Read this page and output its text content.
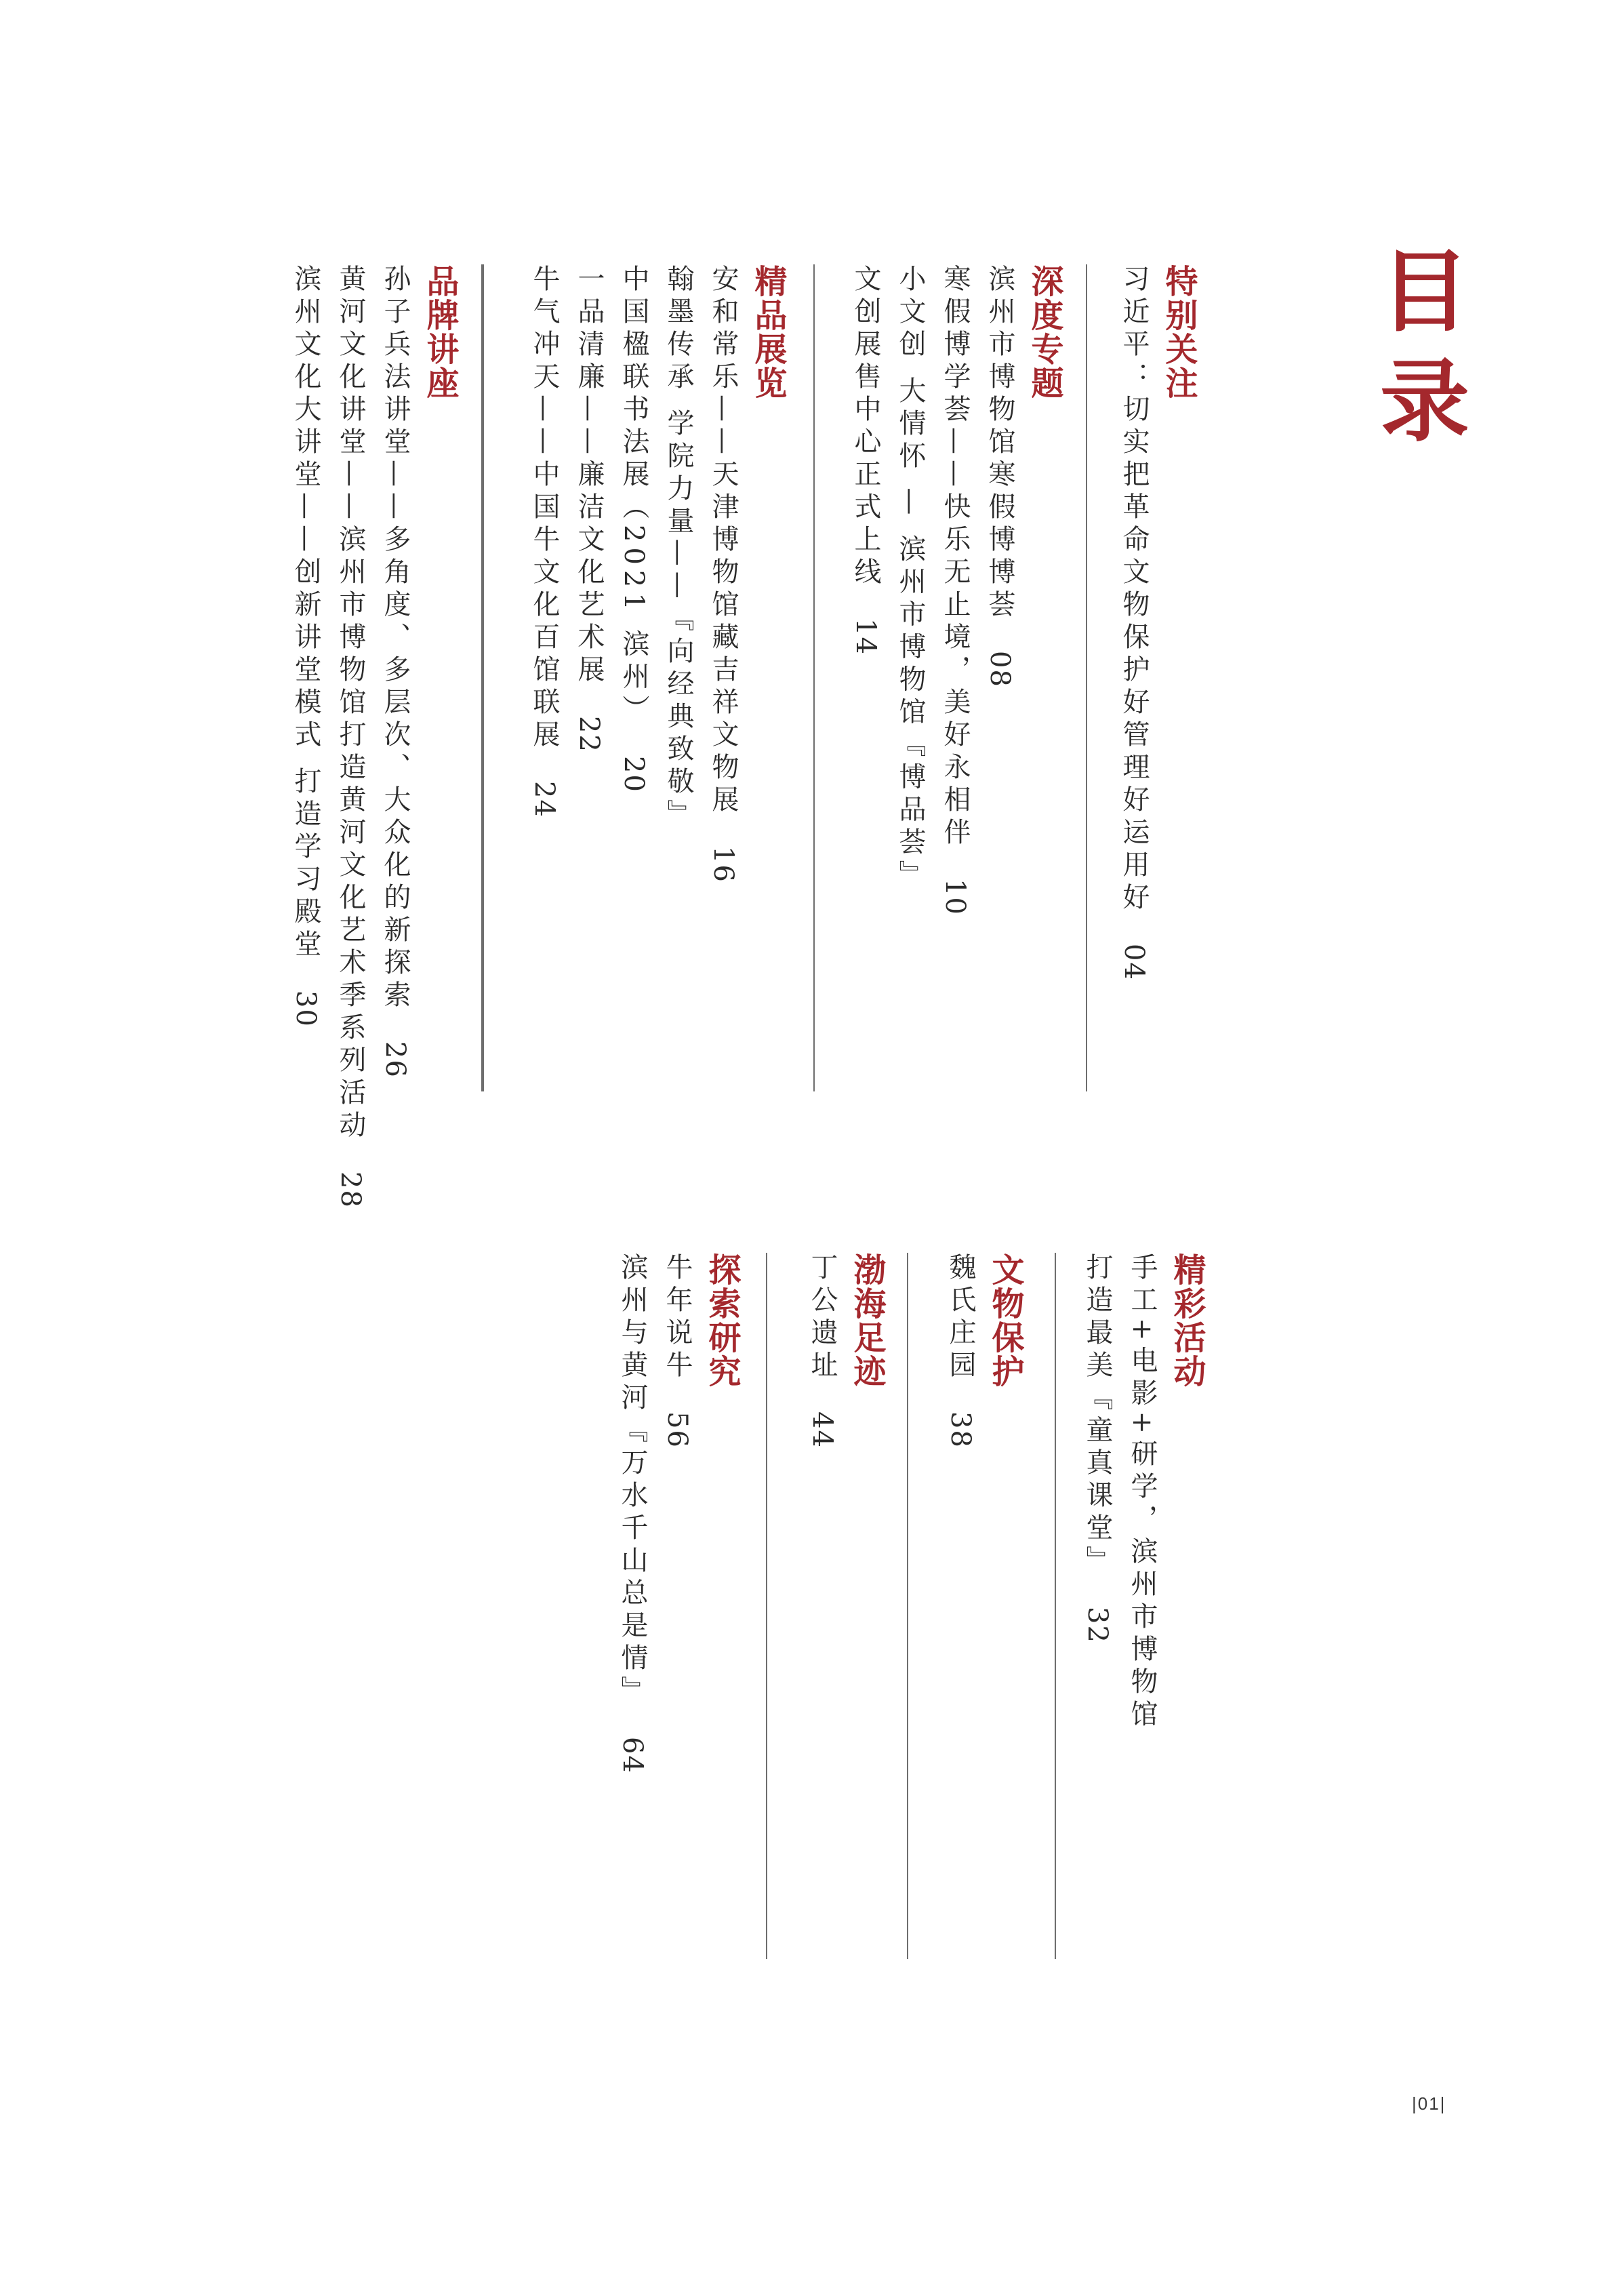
目录
特别关注
习近平：切实把革命文物保护好管理好运用好04
深度专题
滨州市博物馆寒假博博荟08
寒假博学荟——快乐无止境，美好永相伴10
小文创 大情怀 — 滨州市博物馆『博品荟』
文创展售中心正式上线14
精品展览
安和常乐——天津博物馆藏吉祥文物展16
翰墨传承 学院力量——『向经典致敬』
中国楹联书法展（2021 滨州）20
一品清廉——廉洁文化艺术展22
牛气冲天——中国牛文化百馆联展24
品牌讲座
孙子兵法讲堂——多角度、多层次、大众化的新探索26
黄河文化讲堂——滨州市博物馆打造黄河文化艺术季系列活动28
滨州文化大讲堂——创新讲堂模式 打造学习殿堂30
精彩活动
手工+电影+研学，滨州市博物馆
打造最美『童真课堂』32
文物保护
魏氏庄园38
渤海足迹
丁公遗址44
探索研究
牛年说牛56
滨州与黄河『万水千山总是情』64
|01|
